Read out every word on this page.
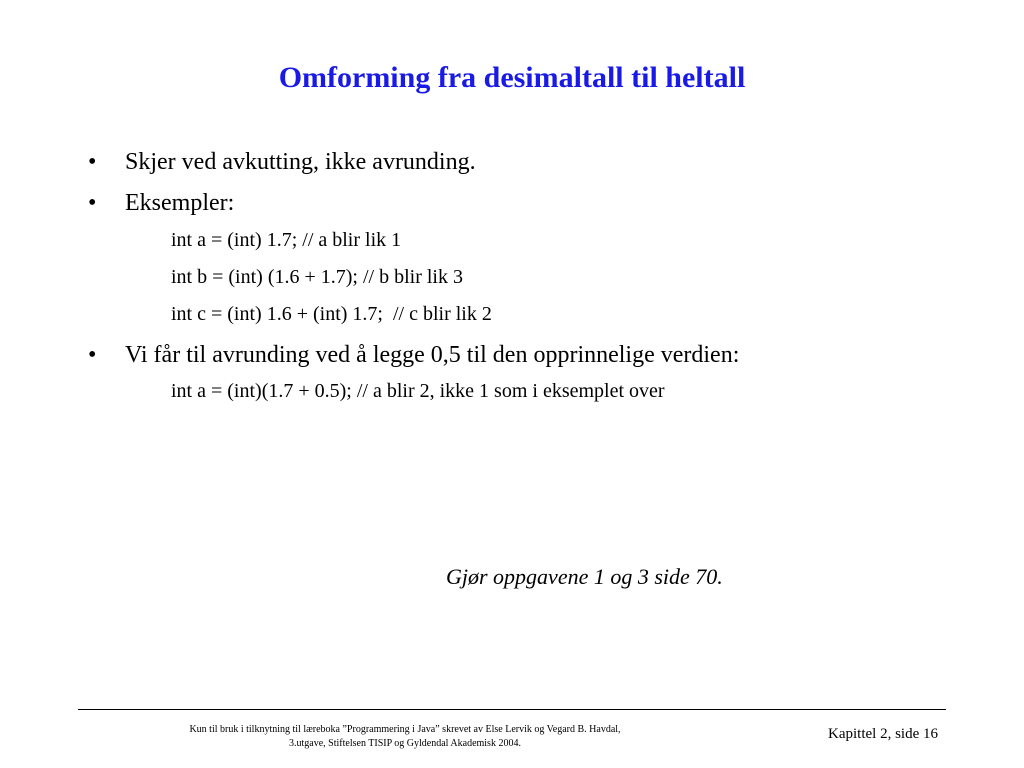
Omforming fra desimaltall til heltall
• Skjer ved avkutting, ikke avrunding.
• Eksempler:
int a = (int) 1.7; // a blir lik 1
int b = (int) (1.6 + 1.7); // b blir lik 3
int c = (int) 1.6 + (int) 1.7;  // c blir lik 2
• Vi får til avrunding ved å legge 0,5 til den opprinnelige verdien:
int a = (int)(1.7 + 0.5); // a blir 2, ikke 1 som i eksemplet over
Gjør oppgavene 1 og 3 side 70.
Kun til bruk i tilknytning til læreboka ”Programmering i Java” skrevet av Else Lervik og Vegard B. Havdal,
3.utgave, Stiftelsen TISIP og Gyldendal Akademisk 2004.
Kapittel 2, side 16
